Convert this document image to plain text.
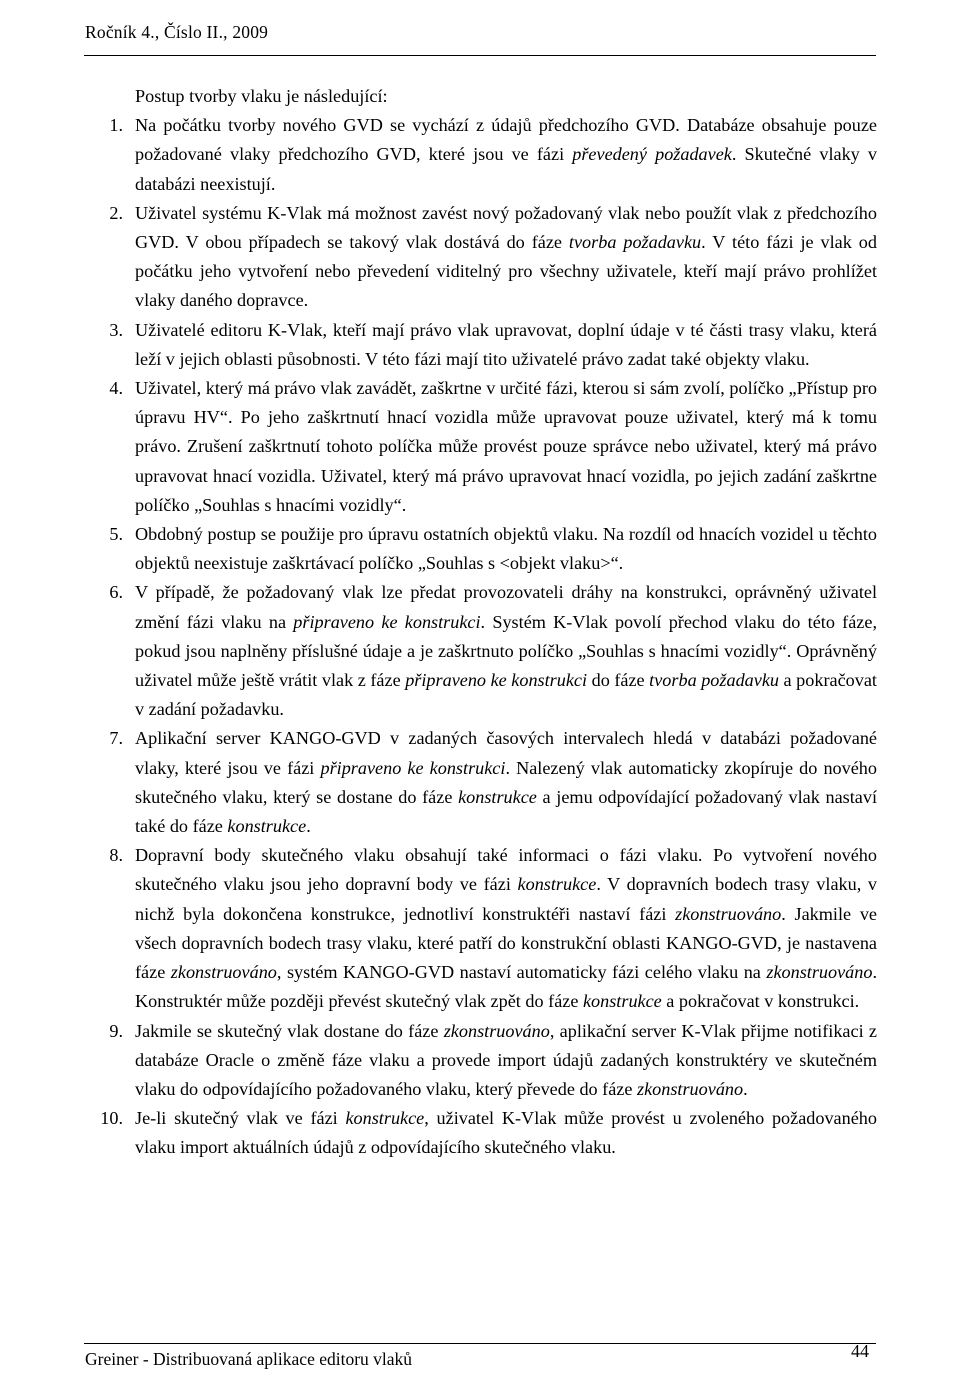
Ročník 4., Číslo II., 2009

Postup tvorby vlaku je následující:

1. Na počátku tvorby nového GVD se vychází z údajů předchozího GVD. Databáze obsahuje pouze požadované vlaky předchozího GVD, které jsou ve fázi převedený požadavek. Skutečné vlaky v databázi neexistují.
2. Uživatel systému K-Vlak má možnost zavést nový požadovaný vlak nebo použít vlak z předchozího GVD. V obou případech se takový vlak dostává do fáze tvorba požadavku. V této fázi je vlak od počátku jeho vytvoření nebo převedení viditelný pro všechny uživatele, kteří mají právo prohlížet vlaky daného dopravce.
3. Uživatelé editoru K-Vlak, kteří mají právo vlak upravovat, doplní údaje v té části trasy vlaku, která leží v jejich oblasti působnosti. V této fázi mají tito uživatelé právo zadat také objekty vlaku.
4. Uživatel, který má právo vlak zavádět, zaškrtne v určité fázi, kterou si sám zvolí, políčko „Přístup pro úpravu HV“. Po jeho zaškrtnutí hnací vozidla může upravovat pouze uživatel, který má k tomu právo. Zrušení zaškrtnutí tohoto políčka může provést pouze správce nebo uživatel, který má právo upravovat hnací vozidla. Uživatel, který má právo upravovat hnací vozidla, po jejich zadání zaškrtne políčko „Souhlas s hnacími vozidly“.
5. Obdobný postup se použije pro úpravu ostatních objektů vlaku. Na rozdíl od hnacích vozidel u těchto objektů neexistuje zaškrtávací políčko „Souhlas s <objekt vlaku>“.
6. V případě, že požadovaný vlak lze předat provozovateli dráhy na konstrukci, oprávněný uživatel změní fázi vlaku na připraveno ke konstrukci. Systém K-Vlak povolí přechod vlaku do této fáze, pokud jsou naplněny příslušné údaje a je zaškrtnuto políčko „Souhlas s hnacími vozidly“. Oprávněný uživatel může ještě vrátit vlak z fáze připraveno ke konstrukci do fáze tvorba požadavku a pokračovat v zadání požadavku.
7. Aplikační server KANGO-GVD v zadaných časových intervalech hledá v databázi požadované vlaky, které jsou ve fázi připraveno ke konstrukci. Nalezený vlak automaticky zkopíruje do nového skutečného vlaku, který se dostane do fáze konstrukce a jemu odpovídající požadovaný vlak nastaví také do fáze konstrukce.
8. Dopravní body skutečného vlaku obsahují také informaci o fázi vlaku. Po vytvoření nového skutečného vlaku jsou jeho dopravní body ve fázi konstrukce. V dopravních bodech trasy vlaku, v nichž byla dokončena konstrukce, jednotliví konstruktéři nastaví fázi zkonstruováno. Jakmile ve všech dopravních bodech trasy vlaku, které patří do konstrukční oblasti KANGO-GVD, je nastavena fáze zkonstruováno, systém KANGO-GVD nastaví automaticky fázi celého vlaku na zkonstruováno. Konstruktér může později převést skutečný vlak zpět do fáze konstrukce a pokračovat v konstrukci.
9. Jakmile se skutečný vlak dostane do fáze zkonstruováno, aplikační server K-Vlak přijme notifikaci z databáze Oracle o změně fáze vlaku a provede import údajů zadaných konstruktéry ve skutečném vlaku do odpovídajícího požadovaného vlaku, který převede do fáze zkonstruováno.
10. Je-li skutečný vlak ve fázi konstrukce, uživatel K-Vlak může provést u zvoleného požadovaného vlaku import aktuálních údajů z odpovídajícího skutečného vlaku.
Greiner - Distribuovaná aplikace editoru vlaků	44
